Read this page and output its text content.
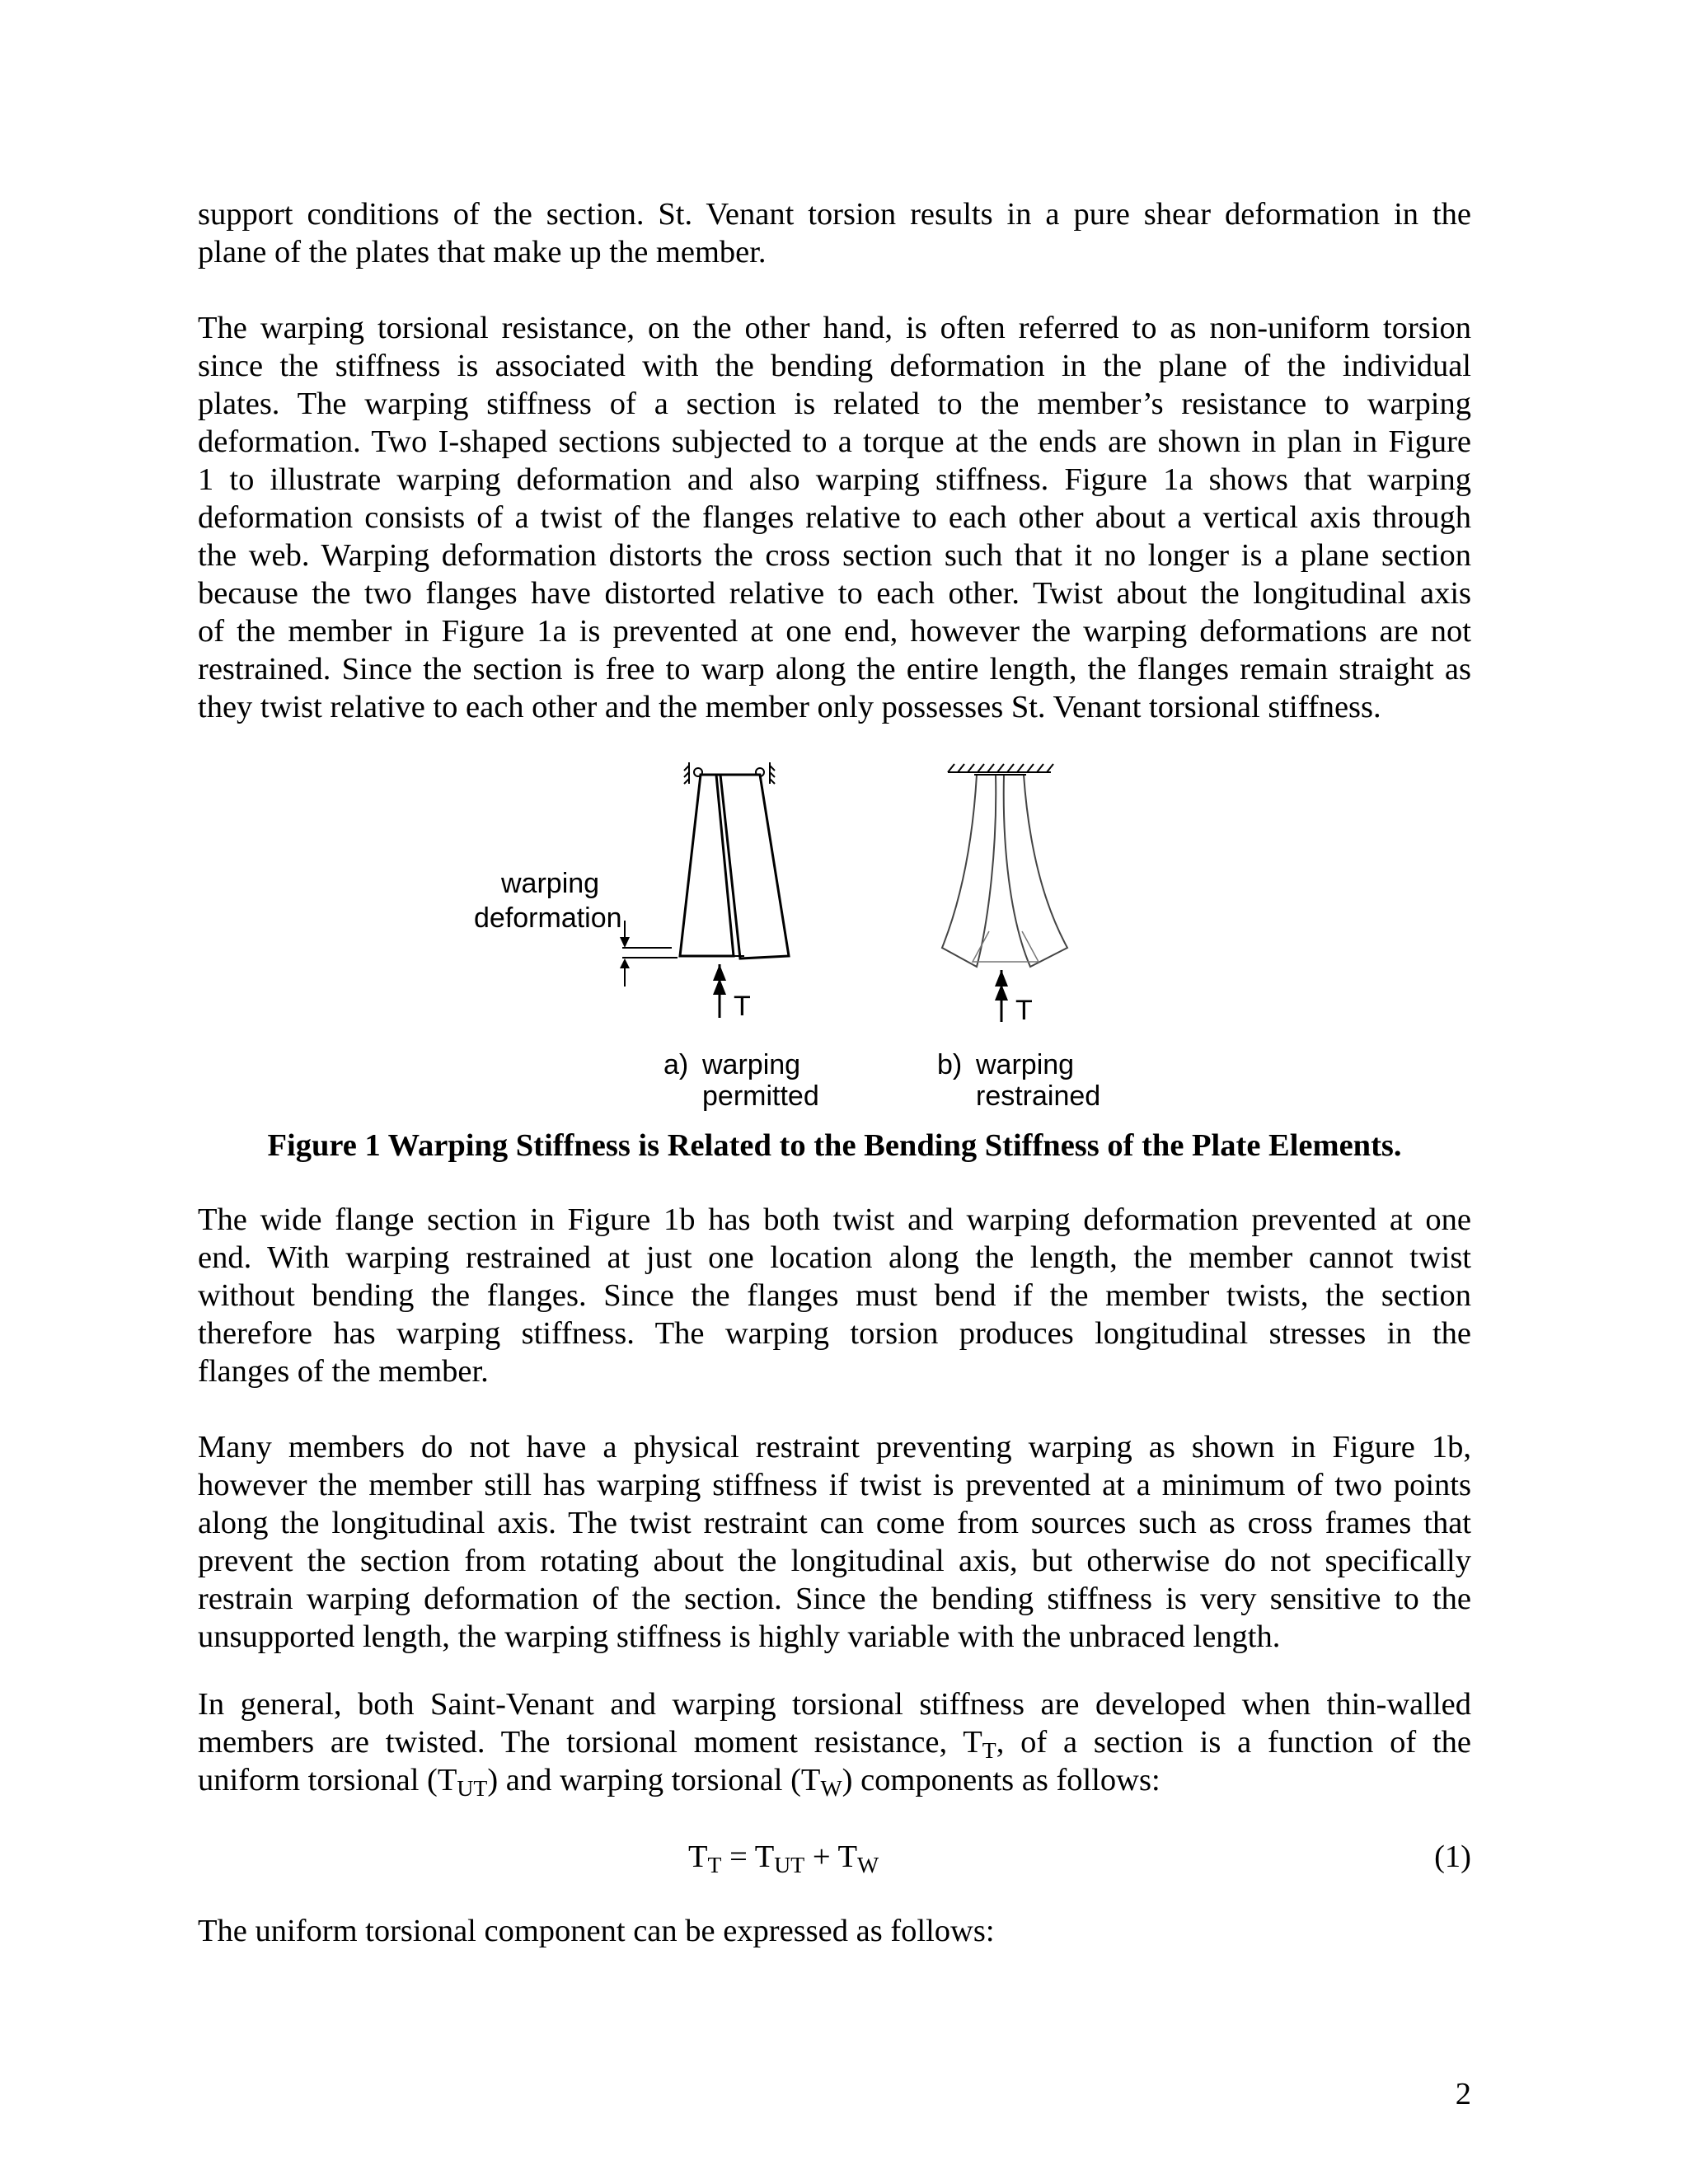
support conditions of the section. St. Venant torsion results in a pure shear deformation in the
plane of the plates that make up the member.
The warping torsional resistance, on the other hand, is often referred to as non-uniform torsion
since the stiffness is associated with the bending deformation in the plane of the individual
plates. The warping stiffness of a section is related to the member’s resistance to warping
deformation. Two I-shaped sections subjected to a torque at the ends are shown in plan in Figure
1 to illustrate warping deformation and also warping stiffness. Figure 1a shows that warping
deformation consists of a twist of the flanges relative to each other about a vertical axis through
the web. Warping deformation distorts the cross section such that it no longer is a plane section
because the two flanges have distorted relative to each other. Twist about the longitudinal axis
of the member in Figure 1a is prevented at one end, however the warping deformations are not
restrained. Since the section is free to warp along the entire length, the flanges remain straight as
they twist relative to each other and the member only possesses St. Venant torsional stiffness.
warping
deformation
T	T
a) warping
permitted
b) warping
restrained
Figure 1 Warping Stiffness is Related to the Bending Stiffness of the Plate Elements.
The wide flange section in Figure 1b has both twist and warping deformation prevented at one
end. With warping restrained at just one location along the length, the member cannot twist
without bending the flanges. Since the flanges must bend if the member twists, the section
therefore has warping stiffness. The warping torsion produces longitudinal stresses in the
flanges of the member.
Many members do not have a physical restraint preventing warping as shown in Figure 1b,
however the member still has warping stiffness if twist is prevented at a minimum of two points
along the longitudinal axis. The twist restraint can come from sources such as cross frames that
prevent the section from rotating about the longitudinal axis, but otherwise do not specifically
restrain warping deformation of the section. Since the bending stiffness is very sensitive to the
unsupported length, the warping stiffness is highly variable with the unbraced length.
In general, both Saint-Venant and warping torsional stiffness are developed when thin-walled
members are twisted. The torsional moment resistance, $T_T$, of a section is a function of the
uniform torsional $(T_{UT})$ and warping torsional $(T_W)$ components as follows:
$T_T = T_{UT} + T_W$	(1)
The uniform torsional component can be expressed as follows:
2
